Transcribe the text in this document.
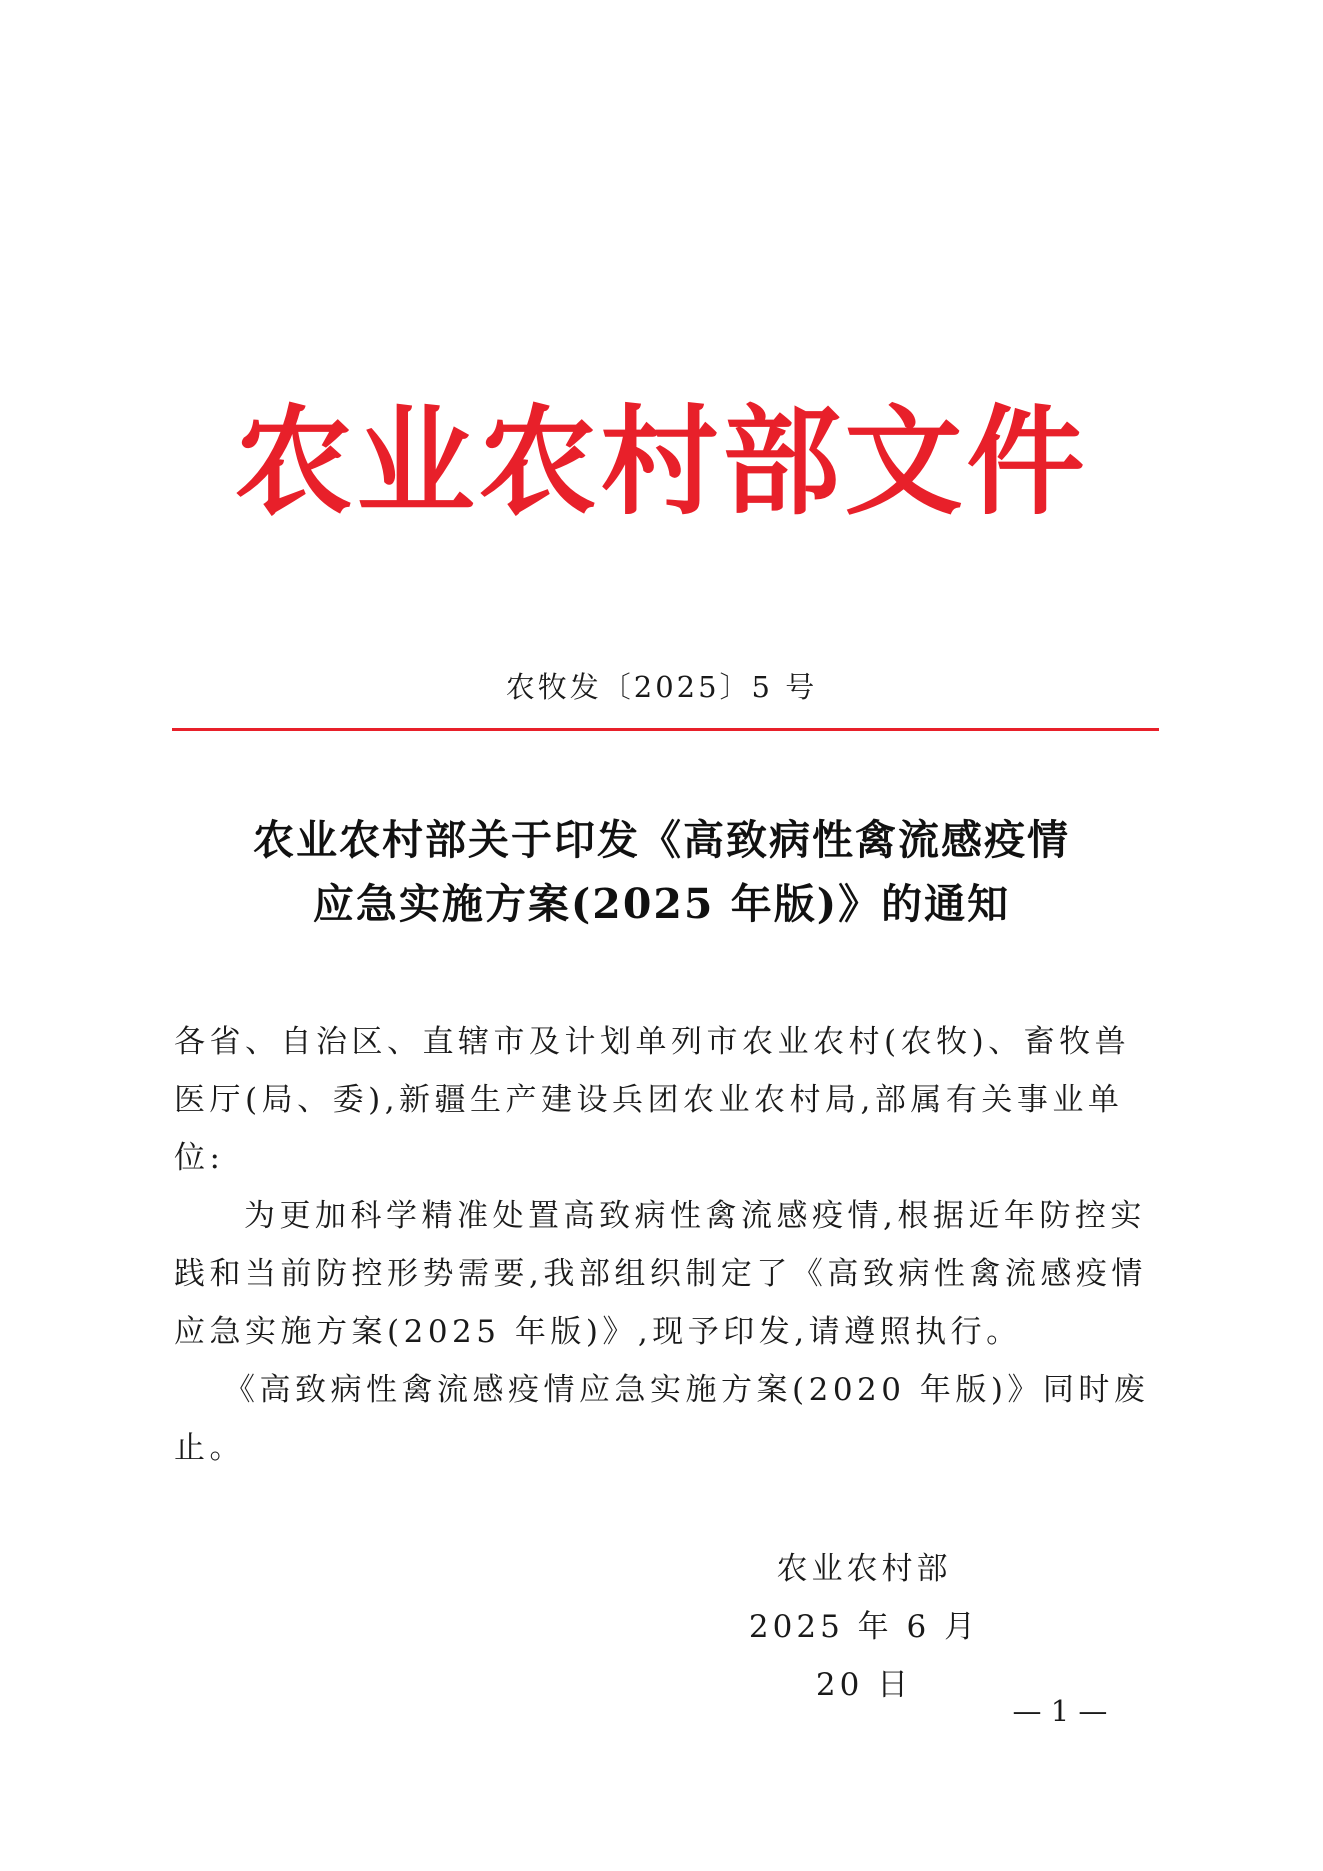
农业农村部文件
农牧发〔2025〕5 号
农业农村部关于印发《高致病性禽流感疫情
应急实施方案(2025 年版)》的通知

各省、自治区、直辖市及计划单列市农业农村(农牧)、畜牧兽医厅(局、委),新疆生产建设兵团农业农村局,部属有关事业单位:

为更加科学精准处置高致病性禽流感疫情,根据近年防控实践和当前防控形势需要,我部组织制定了《高致病性禽流感疫情应急实施方案(2025 年版)》,现予印发,请遵照执行。

《高致病性禽流感疫情应急实施方案(2020 年版)》同时废止。

农业农村部
2025 年 6 月 20 日
— 1 —
